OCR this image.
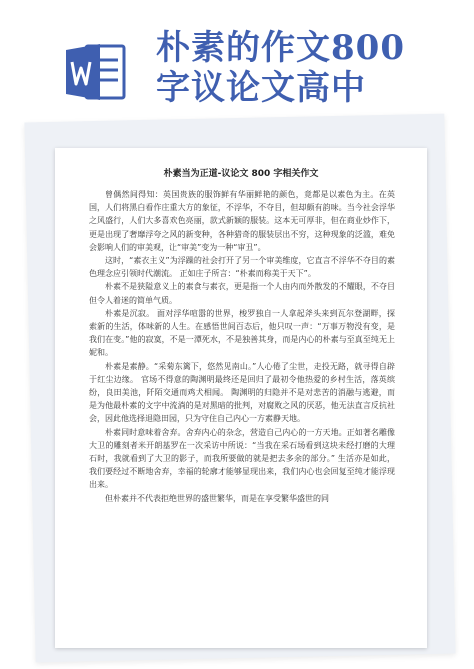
朴素的作文800
字议论文高中
朴素当为正道-议论文 800 字相关作文

曾偶然间得知：英国贵族的服饰鲜有华丽鲜艳的颜色，竟都是以素色为主。在英国，人们将黑白看作庄重大方的象征，不浮华，不夺目，但却颇有韵味。当今社会浮华之风盛行，人们大多喜欢色亮丽，款式新颖的服装。这本无可厚非，但在商业炒作下，更是出现了奢靡浮夸之风的新变种，各种猎奇的服装层出不穷，这种现象的泛滥，难免会影响人们的审美观，让“审美”变为一种“审丑”。

这时，“素衣主义”为浮躁的社会打开了另一个审美维度，它直言不浮华不夺目的素色理念应引领时代潮流。 正如庄子所言：“朴素而称美于天下”。

朴素不是狭隘意义上的素食与素衣，更是指一个人由内而外散发的不耀眼，不夺目但令人着迷的简单气质。

朴素是沉寂。 面对浮华喧嚣的世界，梭罗独自一人拿起斧头来到瓦尔登湖畔，探索新的生活，体味新的人生。在感悟世间百态后，他只叹一声：“万事万物没有变，是我们在变。”他的寂寞，不是一潭死水，不是独善其身，而是内心的朴素与至真至纯无上妮和。

朴素是素静。“采菊东篱下，悠然见南山。”人心倦了尘世，走投无路，就寻得自辟于红尘边缘。 官场不得意的陶渊明最终还是回归了最初令他热爱的乡村生活，落英缤纷，良田美池，阡陌交通而鸡犬相闻。 陶渊明的归隐并不是对悲苦的消融与逃避，而是为他最朴素的文字中流淌的是对黑暗的批判，对腐败之风的厌恶，他无法直言反抗社会，因此他选择退隐田园，只为守住自己内心一方素静天地。

朴素同时意味着舍弃。舍弃内心的杂念，营造自己内心的一方天地。正如著名雕像大卫的雕刻者米开朗基罗在一次采访中所说：“当我在采石场看到这块未经打磨的大理石时，我就看到了大卫的影子，而我所要做的就是把去多余的部分。” 生活亦是如此，我们要经过不断地舍弃，幸福的轮廓才能够显现出来，我们内心也会回复至纯才能浮现出来。

但朴素并不代表拒绝世界的盛世繁华，而是在享受繁华盛世的同
